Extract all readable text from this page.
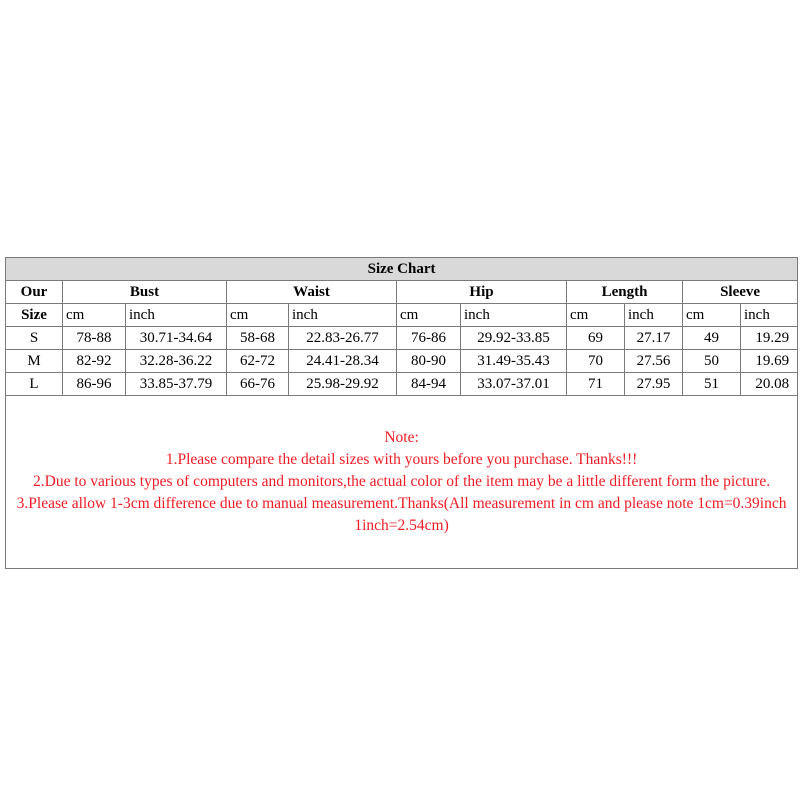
Size Chart										
Our	Bust		Waist		Hip		Length		Sleeve	
Size	cm	inch	cm	inch	cm	inch	cm	inch	cm	inch
S	78-88	30.71-34.64	58-68	22.83-26.77	76-86	29.92-33.85	69	27.17	49	19.29
M	82-92	32.28-36.22	62-72	24.41-28.34	80-90	31.49-35.43	70	27.56	50	19.69
L	86-96	33.85-37.79	66-76	25.98-29.92	84-94	33.07-37.01	71	27.95	51	20.08

Note:
1.Please compare the detail sizes with yours before you purchase. Thanks!!!
2.Due to various types of computers and monitors,the actual color of the item may be a little different form the picture.
3.Please allow 1-3cm difference due to manual measurement.Thanks(All measurement in cm and please note 1cm=0.39inch 1inch=2.54cm)										
